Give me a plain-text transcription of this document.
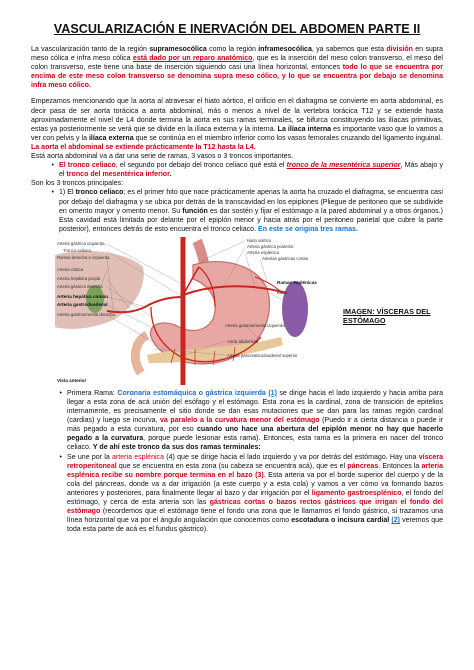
VASCULARIZACIÓN E INERVACIÓN DEL ABDOMEN PARTE II

La vascularización tanto de la región supramesocólica como la región inframesocólica, ya sabemos que esta división en supra meso cólica e infra meso cólica está dado por un reparo anatómico, que es la inserción del meso colon transverso, el meso del colon transverso, este tiene una base de inserción siguiendo casi una línea horizontal, entonces todo lo que se encuentra por encima de este meso colon transverso se denomina supra meso cólico, y lo que se encuentra por debajo se denomina infra meso cólico.

Empezamos mencionando que la aorta al atravesar el hiato aórtico, el orificio en el diafragma se convierte en aorta abdominal, es decir pasa de ser aorta torácica a aorta abdominal, más o menos a nivel de la vertebra torácica T12 y se extiende hasta aproximadamente el nivel de L4 donde termina la aorta en sus ramas terminales, se bifurca constituyendo las ilíacas primitivas, estas ya posteriormente se verá que se divide en la ilíaca externa y la interna. La ilíaca interna es importante vaso que lo vamos a ver con pelvis y la ilíaca externa que se continúa en el miembro inferior como los vasos femorales cruzando del ligamento inguinal.

La aorta el abdominal se extiende prácticamente la T12 hasta la L4.

Está aorta abdominal va a dar una serie de ramas, 3 vasos o 3 troncos importantes.

• El tronco celiaco, el segundo por debajo del tronco celiaco qué está el tronco de la mesentérica superior, Más abajo y el tronco del mesentérica inferior.

Son los 3 troncos principales:

• 1) El tronco celiaco; es el primer hito que nace prácticamente apenas la aorta ha cruzado el diafragma, se encuentra casi por debajo del diafragma y se ubica por detrás de la transcavidad en los epiplones (Pliegue de peritoneo que se subdivide en omento mayor y omento menor. Su función es dar sostén y fijar el estómago a la pared abdominal y a otros órganos.) Esta cavidad está limitada por delante por el epiplón menor y hacia atrás por el peritoneo parietal que cubre la parte posterior), entonces detrás de esto encuentra el tronco celiaco. En este se origina tres ramas.

Arteria gástrica izquierda
Tronco celíaco
Ramas derecha e izquierda
Arteria cística
Arteria hepática propia
Arteria gástrica derecha
Arteria hepática común
Arteria gastroduodenal
Arteria gastroomental derecha
Vista anterior
Hiato aórtico
Arteria gástrica posterior
Arteria esplénica
Arterias gástricas cortas
Ramas esplénicas
Bazo
Arteria gastroomental izquierda
Aorta abdominal
Arteria pancreaticoduodenal superior
IMAGEN: VÍSCERAS DEL ESTÓMAGO
• Primera Rama: Coronaria estomáquica o gástrica izquierda (1) se dirige hacia el lado izquierdo y hacia arriba para llegar a esta zona de acá unión del esófago y el estómago. Esta zona es la cardinal, zona de transición de epitelios internamente, es precisamente el sitio donde se dan esas mutaciones que se dan para las ramas región cardinal (cardias) y luego se incurva, va paralelo a la curvatura menor del estómago (Puedo ir a cierta distancia o puede ir más pegado a esta curvatura, por eso cuando uno hace una abertura del epiplón menor no hay que hacerlo pegado a la curvatura, porque puede lesionar esta rama). Entonces, esta rama es la primera en nacer del tronco celiaco. Y de ahí este tronco da sus dos ramas terminales:

• Se une por la arteria esplénica (4) que se dirige hacia el lado izquierdo y va por detrás del estómago. Hay una víscera retroperitoneal que se encuentra en esta zona (su cabeza se encuentra acá), que es el páncreas. Entonces la arteria esplénica recibe su nombre porque termina en el bazo (3). Esta arteria va por el borde superior del cuerpo y de la cola del páncreas, donde va a dar irrigación (a este cuerpo y a esta cola) y vamos a ver cómo va formando bazos anteriores y posteriores, para finalmente llegar al bazo y dar irrigación por el ligamento gastroesplénico, el fondo del estómago, y cerca de esta arteria son las gástricas cortas o bazos rectos gástricos que irrigan el fondo del estómago (recordemos que el estómago tiene el fondo una zona que le llamamos el fondo gástrico, si trazamos una línea horizontal que va por el ángulo angulación que conocemos como escotadura o incisura cardial (2) veremos que toda esta parte de acá es el fundus gástrico).
